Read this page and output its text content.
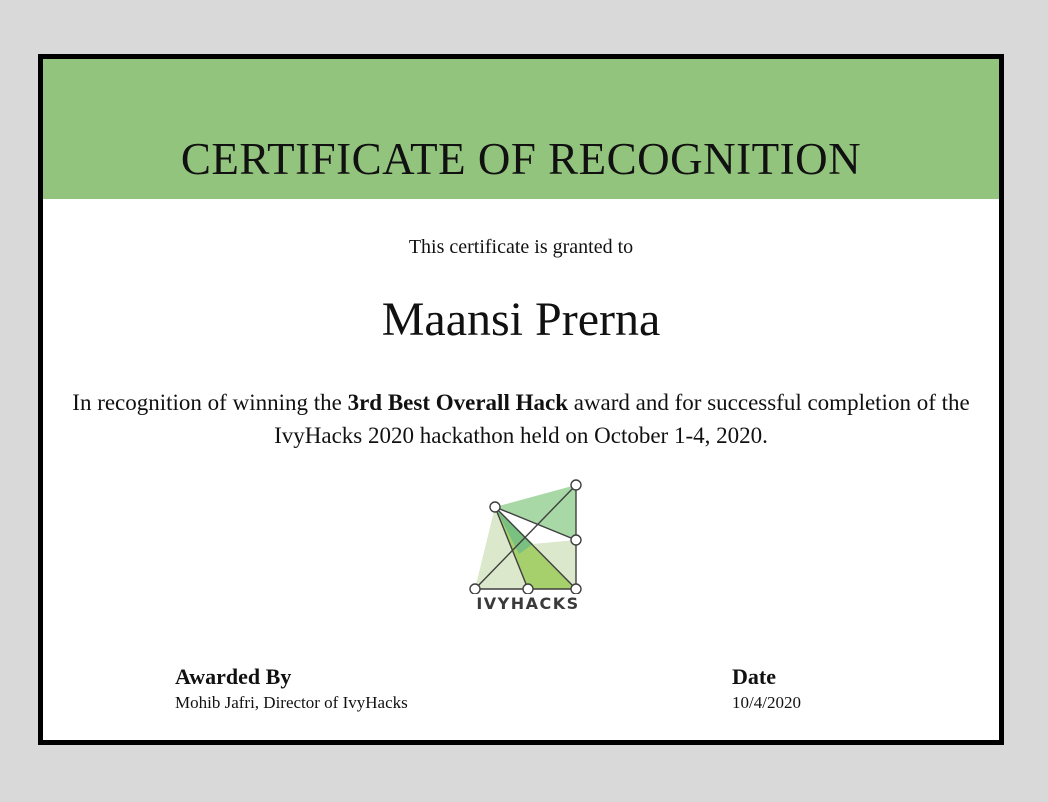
CERTIFICATE OF RECOGNITION
This certificate is granted to
Maansi Prerna
In recognition of winning the 3rd Best Overall Hack award and for successful completion of the IvyHacks 2020 hackathon held on October 1-4, 2020.
IVYHACKS
Awarded By
Mohib Jafri, Director of IvyHacks
Date
10/4/2020
